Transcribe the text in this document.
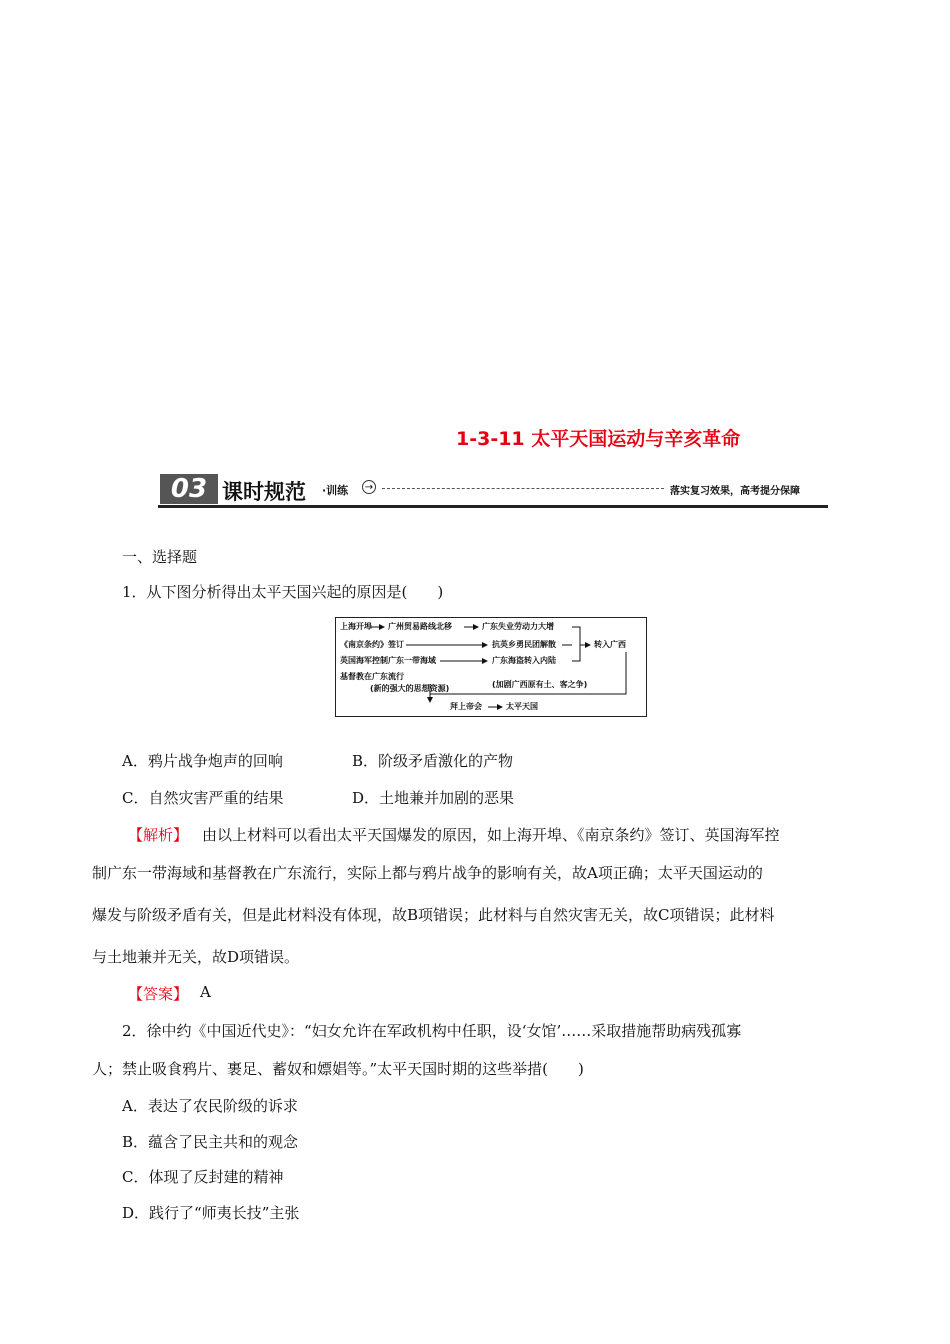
1-3-11 太平天国运动与辛亥革命
03 课时规范 ·训练 →	落实复习效果，高考提分保障
一、选择题
1．从下图分析得出太平天国兴起的原因是(　　)
上海开埠 广州贸易路线北移	广东失业劳动力大增
《南京条约》签订	抗英乡勇民团解散	转入广西
英国海军控制广东一带海域	广东海盗转入内陆
基督教在广东流行
(新的强大的思想资源)	(加剧广西原有土、客之争)
拜上帝会	太平天国
A．鸦片战争炮声的回响	B．阶级矛盾激化的产物
C．自然灾害严重的结果	D．土地兼并加剧的恶果
【解析】 由以上材料可以看出太平天国爆发的原因，如上海开埠、《南京条约》签订、英国海军控
制广东一带海域和基督教在广东流行，实际上都与鸦片战争的影响有关，故A项正确；太平天国运动的
爆发与阶级矛盾有关，但是此材料没有体现，故B项错误；此材料与自然灾害无关，故C项错误；此材料
与土地兼并无关，故D项错误。
【答案】 A
2．徐中约《中国近代史》：“妇女允许在军政机构中任职，设‘女馆’……采取措施帮助病残孤寡
人；禁止吸食鸦片、裹足、蓄奴和嫖娼等。”太平天国时期的这些举措(　　)
A．表达了农民阶级的诉求
B．蕴含了民主共和的观念
C．体现了反封建的精神
D．践行了“师夷长技”主张
